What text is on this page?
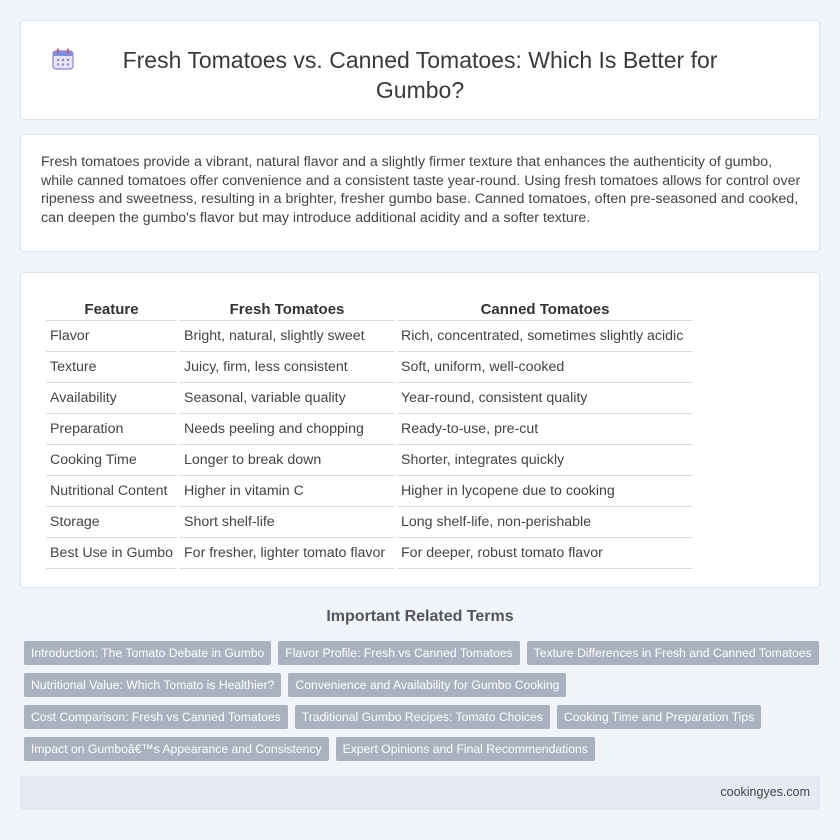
Fresh Tomatoes vs. Canned Tomatoes: Which Is Better for Gumbo?

Fresh tomatoes provide a vibrant, natural flavor and a slightly firmer texture that enhances the authenticity of gumbo, while canned tomatoes offer convenience and a consistent taste year-round. Using fresh tomatoes allows for control over ripeness and sweetness, resulting in a brighter, fresher gumbo base. Canned tomatoes, often pre-seasoned and cooked, can deepen the gumbo's flavor but may introduce additional acidity and a softer texture.

Feature	Fresh Tomatoes	Canned Tomatoes
Flavor	Bright, natural, slightly sweet	Rich, concentrated, sometimes slightly acidic
Texture	Juicy, firm, less consistent	Soft, uniform, well-cooked
Availability	Seasonal, variable quality	Year-round, consistent quality
Preparation	Needs peeling and chopping	Ready-to-use, pre-cut
Cooking Time	Longer to break down	Shorter, integrates quickly
Nutritional Content	Higher in vitamin C	Higher in lycopene due to cooking
Storage	Short shelf-life	Long shelf-life, non-perishable
Best Use in Gumbo	For fresher, lighter tomato flavor	For deeper, robust tomato flavor
Important Related Terms
Introduction: The Tomato Debate in Gumbo	Flavor Profile: Fresh vs Canned Tomatoes	Texture Differences in Fresh and Canned Tomatoes
Nutritional Value: Which Tomato is Healthier?	Convenience and Availability for Gumbo Cooking
Cost Comparison: Fresh vs Canned Tomatoes	Traditional Gumbo Recipes: Tomato Choices	Cooking Time and Preparation Tips
Impact on Gumboâ€™s Appearance and Consistency	Expert Opinions and Final Recommendations
cookingyes.com
